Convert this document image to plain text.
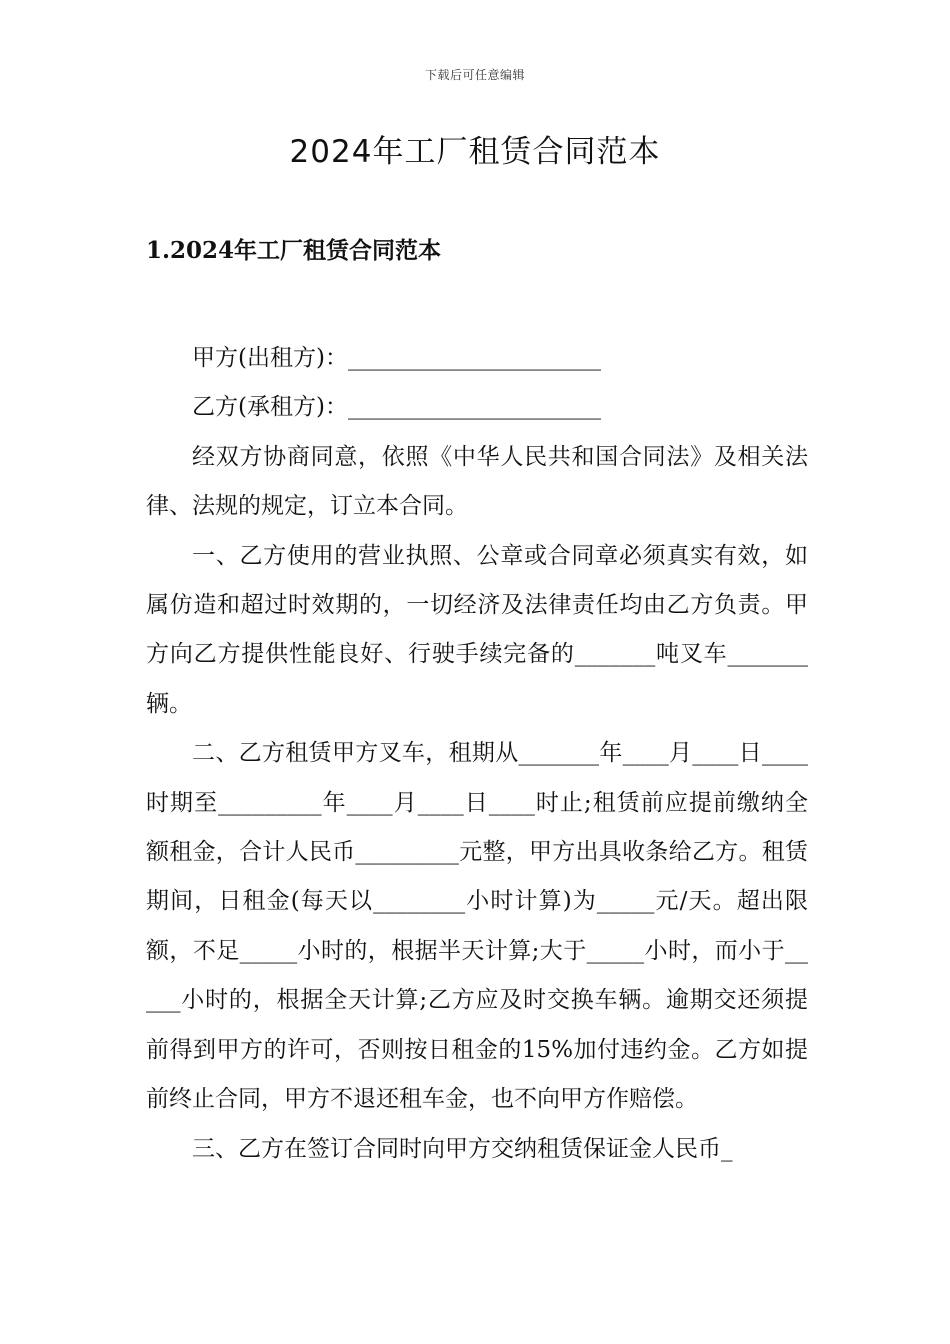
下载后可任意编辑
2024年工厂租赁合同范本
1.2024年工厂租赁合同范本

甲方(出租方)：______________________

乙方(承租方)：______________________

经双方协商同意，依照《中华人民共和国合同法》及相关法律、法规的规定，订立本合同。

一、乙方使用的营业执照、公章或合同章必须真实有效，如属仿造和超过时效期的，一切经济及法律责任均由乙方负责。甲方向乙方提供性能良好、行驶手续完备的_______吨叉车_______辆。

二、乙方租赁甲方叉车，租期从_______年____月____日____时期至_________年____月____日____时止;租赁前应提前缴纳全额租金，合计人民币_________元整，甲方出具收条给乙方。租赁期间，日租金(每天以________小时计算)为_____元/天。超出限额，不足_____小时的，根据半天计算;大于_____小时，而小于_____小时的，根据全天计算;乙方应及时交换车辆。逾期交还须提前得到甲方的许可，否则按日租金的15%加付违约金。乙方如提前终止合同，甲方不退还租车金，也不向甲方作赔偿。

三、乙方在签订合同时向甲方交纳租赁保证金人民币_
